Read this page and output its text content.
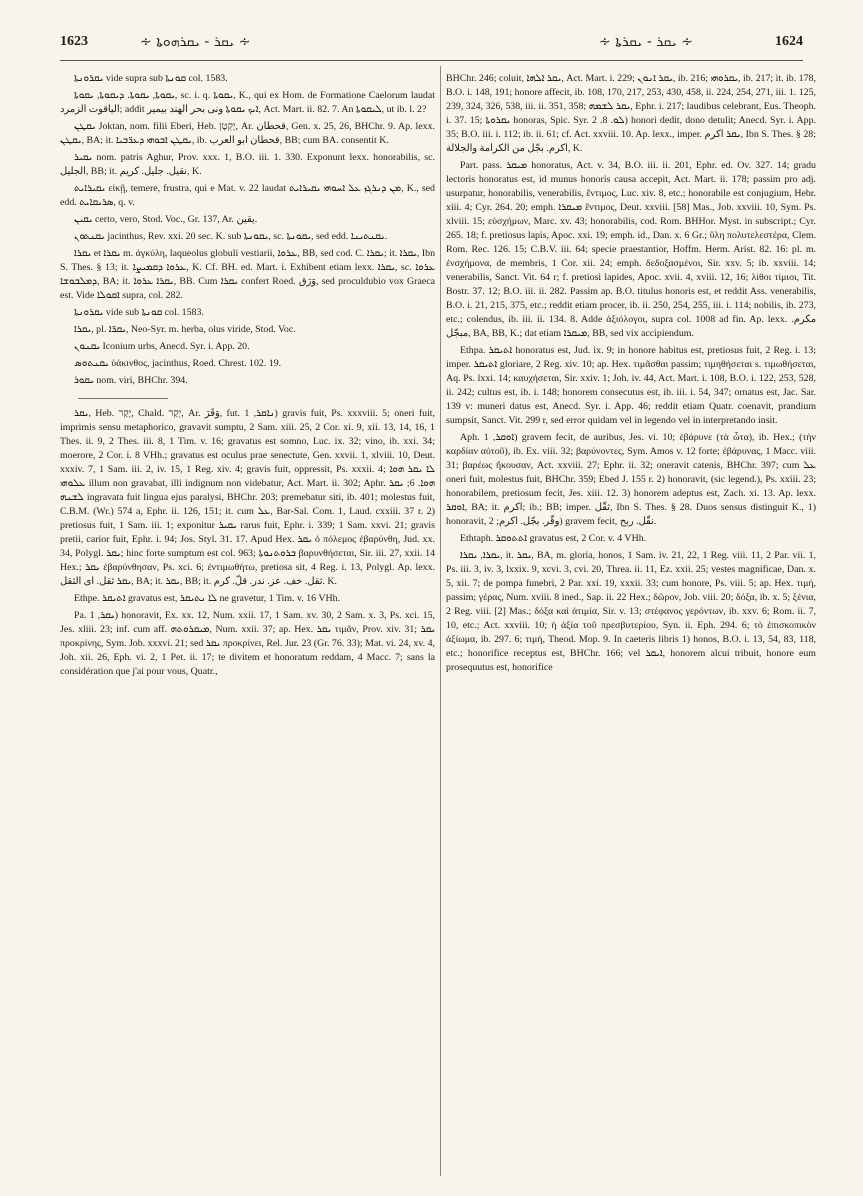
1623	∻ ܝܩܪ - ܝܩܪܗܘܬܐ ∻	∻ ܝܩܪ - ܝܩܪܬܐ ∻	1624

ܝܩܪܘܢܬܐ vide supra sub ܩܘܢܬܐ col. 1583.

ܝܩܘܬܐ, ܝܩܘܬܐ. ܕܝܩܘܬܐ, ܝܩܘܬܐ, sc. i. q. ܝܩܘܬܐ, K., qui ex Hom. de Formatione Caelorum laudat الياقوت الزمرد; addit ܐܝܟ ܝܩܘܬܐ ونى بحر الهند بيمير, Act. Mart. ii. 82. 7. An ܠܝܩܘܬܐ, ut ib. l. 2?

ܝܩܛܢ Joktan, nom. filii Eberi, Heb. יָקְטָן, Ar. قحطان, Gen. x. 25, 26, BHChr. 9. Ap. lexx. ܝܩܛܢ, BA; it. ܝܩܛܢ ܐܒܘܗܝ ܕܥܪ̈ܒܝܐ, ib. قحطان ابو العرب, BB; cum BA. consentit K.

ܝܩܝܪ nom. patris Aghur, Prov. xxx. 1, B.O. iii. 1. 330. Exponunt lexx. honorabilis, sc. الجليل, BB; it. نقيل. جليل. كريم, K.

ܝܩܝܪܐܝܬ εἰκῇ, temere, frustra, qui e Mat. v. 22 laudat ܡܢ ܕܢܪܓܙ ܥܠ ܐܚܘܗܝ ܝܩܝܪܐܝܬ, K., sed edd. ܣܪܝܩܐܝܬ, q. v.

ܝܩܝܢ certo, vero, Stod. Voc., Gr. 137, Ar. يقين.

ܝܩܢܬܘܢ jacinthus, Rev. xxi. 20 sec. K. sub ܝܩܘܢܬܐ, sc. ܝܩܘܢܬܐ, sed edd. ܝܩܢܬܝܢܐ.

ܝܩܪܐ et ܝܩܪܐ m. ἀγκύλη, laqueolus globuli vestiarii, ܥܪܘܐ, BB, sed cod. C. ܝܩܪܐ; it. ܝܩܪܐ, Ibn S. Thes. § 13; it. ܥܪܘܐ ܕܩܡܝܨܐ, K. Cf. BH. ed. Mart. i. Exhibent etiam lexx. ܝܩܪܐ, sc. ܥܪܘܐ ܕܡܠܒܘܫܐ, BA; it. ܝܩܪܐ ܥܪܘܐ, BB. Cum ܝܩܪܐ confert Roed. وَرَق, sed proculdubio vox Graeca est. Vide ܐܩܘܠܐ supra, col. 282.

ܝܩܪܘܢܬܐ vide sub ܩܘܢܬܐ col. 1583.

ܝܩܪܐ, pl. ܝܩܪ̈ܐ, Neo-Syr. m. herba, olus viride, Stod. Voc.

ܝܩܢܘܢ Iconium urbs, Anecd. Syr. i. App. 20.

ܝܩܢܬܘܣ ὑάκινθος, jacinthus, Roed. Chrest. 102. 19.

ܝܩܘܪ nom. viri, BHChr. 394.

ܝܩܪ, Heb. יָקַר, Chald. יְקַר, Ar. وَقَرَ, fut. ܢܐܩܪ, 1) gravis fuit, Ps. xxxviii. 5; oneri fuit, imprimis sensu metaphorico, gravavit sumptu, 2 Sam. xiii. 25, 2 Cor. xi. 9, xii. 13, 14, 16, 1 Thes. ii. 9, 2 Thes. iii. 8, 1 Tim. v. 16; gravatus est somno, Luc. ix. 32; vino, ib. xxi. 34; moerore, 2 Cor. i. 8 VHh.; gravatus est oculus prae senectute, Gen. xxvii. 1, xlviii. 10, Deut. xxxiv. 7, 1 Sam. iii. 2, iv. 15, 1 Reg. xiv. 4; gravis fuit, oppressit, Ps. xxxii. 4; ܠܐ ܝܩܪ ܗܘܐ ܥܠܘܗܝ illum non gravabat, illi indignum non videbatur, Act. Mart. ii. 302; Aphr. ܗܘܐ. 6; ܝܩܪ ܠܫܢܗ ingravata fuit lingua ejus paralysi, BHChr. 203; premebatur siti, ib. 401; molestus fuit, C.B.M. (Wr.) 574 a, Ephr. ii. 126, 151; it. cum ܥܠ, Bar-Sal. Com. 1, Laud. cxxiii. 37 r. 2) pretiosus fuit, 1 Sam. iii. 1; exponitur ܝܩܝܪ rarus fuit, Ephr. i. 339; 1 Sam. xxvi. 21; gravis pretii, carior fuit, Ephr. i. 94; Jos. Styl. 31. 17. Apud Hex. ܝܩܪ ὁ πόλεμος ἐβαρύνθη, Jud. xx. 34, Polygl. ܝܩܪ; hinc forte sumptum est col. 963; ܒܪܘܬܢܘܬܐ βαρυνθήσεται, Sir. iii. 27, xxii. 14 Hex.; ܝܩܪ ἐβαρύνθησαν, Ps. xci. 6; ἐντιμωθήτω, pretiosa sit, 4 Reg. i. 13, Polygl. Ap. lexx. ܝܩܪ ثقل. اى الثقل, BA; it. ܝܩܪ, BB; it. ثقل. خف. عز. ندر. قلّ. كرم. K.

Ethpe. ܐܬܝܩܪ gravatus est, ܠܐ ܢܬܝܩܪ ne gravetur, 1 Tim. v. 16 VHh.

Pa. ܝܩܪ, 1) honoravit, Ex. xx. 12, Num. xxii. 17, 1 Sam. xv. 30, 2 Sam. x. 3, Ps. xci. 15, Jes. xliii. 23; inf. cum aff. ܡܝܩܪܘܬܗ, Num. xxii. 37; ap. Hex. ܝܩܪ τιμᾶν, Prov. xiv. 31; ܝܩܪ προκρίνης, Sym. Job. xxxvi. 21; sed ܝܩܪ προκρίνει, Rel. Jur. 23 (Gr. 76. 33); Mat. vi. 24, xv. 4, Joh. xii. 26, Eph. vi. 2, 1 Pet. ii. 17; te divitem et honoratum reddam, 4 Macc. 7; sans la considération que j'ai pour vous, Quatr.,

BHChr. 246; coluit, ܝܩܪ ܐܠܗܐ, Act. Mart. i. 229; ܝܩܪ ܐܢܘܢ, ib. 216; ܝܩܪܘܗܝ, ib. 217; it. ib. 178, B.O. i. 148, 191; honore affecit, ib. 108, 170, 217, 253, 430, 458, ii. 224, 254, 271, iii. 1. 125, 239, 324, 326, 538, iii. ii. 351, 358; ܝܩܪ ܠܫܡܗ, Ephr. i. 217; laudibus celebrant, Eus. Theoph. i. 37. 15; ܝܩܪܘܬܐ honoras, Spic. Syr. ܠܘ. 8. 2) honori dedit, dono detulit; Anecd. Syr. i. App. 35; B.O. iii. i. 112; ib. ii. 61; cf. Act. xxviii. 10. Ap. lexx., imper. ܝܩܪ اكرم, Ibn S. Thes. § 28; اكرم. بجّل من الكرامة والجلالة, K.

Part. pass. ܡܝܩܪ honoratus, Act. v. 34, B.O. iii. ii. 201, Ephr. ed. Ov. 327. 14; gradu lectoris honoratus est, id munus honoris causa accepit, Act. Mart. ii. 178; passim pro adj. usurpatur, honorabilis, venerabilis, ἔντιμος, Luc. xiv. 8, etc.; honorabile est conjugium, Hebr. xiii. 4; Cyr. 264. 20; emph. ܡܝܩܪܐ ἔντιμος, Deut. xxviii. [58] Mas., Job. xxviii. 10, Sym. Ps. xlviii. 15; εὐσχήμων, Marc. xv. 43; honorabilis, cod. Rom. BHHor. Myst. in subscript.; Cyr. 265. 18; f. pretiosus lapis, Apoc. xxi. 19; emph. id., Dan. x. 6 Gr.; ὕλη πολυτελεστέρα, Clem. Rom. Rec. 126. 15; C.B.V. iii. 64; specie praestantior, Hoffm. Herm. Arist. 82. 16: pl. m. ἐνσχήμονα, de membris, 1 Cor. xii. 24; emph. δεδοξασμένοι, Sir. xxv. 5; ib. xxviii. 14; venerabilis, Sanct. Vit. 64 r; f. pretiosi lapides, Apoc. xvii. 4, xviii. 12, 16; λίθοι τίμιοι, Tit. Bostr. 37. 12; B.O. iii. ii. 282. Passim ap. B.O. titulus honoris est, et reddit Ass. venerabilis, B.O. i. 21, 215, 375, etc.; reddit etiam procer, ib. ii. 250, 254, 255, iii. i. 114; nobilis, ib. 273, etc.; colendus, ib. iii. ii. 134. 8. Adde ἀξιόλογοι, supra col. 1008 ad fin. Ap. lexx. مكرم. مبجّل, BA, BB, K.; dat etiam ܡܝܩܪܐ, BB, sed vix accipiendum.

Ethpa. ܐܬܝܩܪ honoratus est, Jud. ix. 9; in honore habitus est, pretiosus fuit, 2 Reg. i. 13; imper. ܐܬܝܩܪ gloriare, 2 Reg. xiv. 10; ap. Hex. τιμᾶσθαι passim; τιμηθήσεται s. τιμωθήσεται, Aq. Ps. lxxi. 14; καυχήσεται, Sir. xxiv. 1; Joh. iv. 44, Act. Mart. i. 108, B.O. i. 122, 253, 528, ii. 242; cultus est, ib. i. 148; honorem consecutus est, ib. iii. i. 54, 347; ornatus est, Jac. Sar. 139 v: muneri datus est, Anecd. Syr. i. App. 46; reddit etiam Quatr. coenavit, prandium sumpsit, Sanct. Vit. 299 r, sed error quidam vel in legendo vel in interpretando insit.

Aph. ܐܘܩܪ, 1) gravem fecit, de auribus, Jes. vi. 10; ἐβάρυνε (τὰ ὦτα), ib. Hex.; (τὴν καρδίαν αὐτοῦ), ib. Ex. viii. 32; βαρύνοντες, Sym. Amos v. 12 forte; ἐβάρυνας, 1 Macc. viii. 31; βαρέως ἤκουσαν, Act. xxviii. 27; Ephr. ii. 32; oneravit catenis, BHChr. 397; cum ܥܠ oneri fuit, molestus fuit, BHChr. 359; Ebed J. 155 r. 2) honoravit, (sic legend.), Ps. xxiii. 23; honorabilem, pretiosum fecit, Jes. xiii. 12. 3) honorem adeptus est, Zach. xi. 13. Ap. lexx. ܐܘܩܪ, BA; it. اكرم; ib.; BB; imper. ثقّل, Ibn S. Thes. § 28. Duos sensus distinguit K., 1) honoravit, وقّر. بجّل. اكرم; 2) gravem fecit, نقّل. ربح.

Ethtaph. ܐܬܬܘܩܪ gravatus est, 2 Cor. v. 4 VHh.

ܝܩܪܐ, ܝܩܪܐ, it. ܝܩܪ, BA, m. gloria, honos, 1 Sam. iv. 21, 22, 1 Reg. viii. 11, 2 Par. vii. 1, Ps. iii. 3, iv. 3, lxxix. 9, xcvi. 3, cvi. 20, Threa. ii. 11, Ez. xxii. 25; vestes magnificae, Dan. x. 5, xii. 7; de pompa funebri, 2 Par. xxi. 19, xxxii. 33; cum honore, Ps. viii. 5; ap. Hex. τιμή, passim; γέρας, Num. xviii. 8 ined., Sap. ii. 22 Hex.; δῶρον, Job. viii. 20; δόξα, ib. x. 5; ξένια, 2 Reg. viii. [2] Mas.; δόξα καὶ ἀτιμία, Sir. v. 13; στέφανος γερόντων, ib. xxv. 6; Rom. ii. 7, 10, etc.; Act. xxviii. 10; ἡ ἀξία τοῦ πρεσβυτερίου, Syn. ii. Eph. 294. 6; τὸ ἐπισκοπικὸν ἀξίωμα, ib. 297. 6; τιμή, Theod. Mop. 9. In caeteris libris 1) honos, B.O. i. 13, 54, 83, 118, etc.; honorifice receptus est, BHChr. 166; vel ܐܝܩܪ, honorem alcui tribuit, honore eum prosequutus est, honorifice
